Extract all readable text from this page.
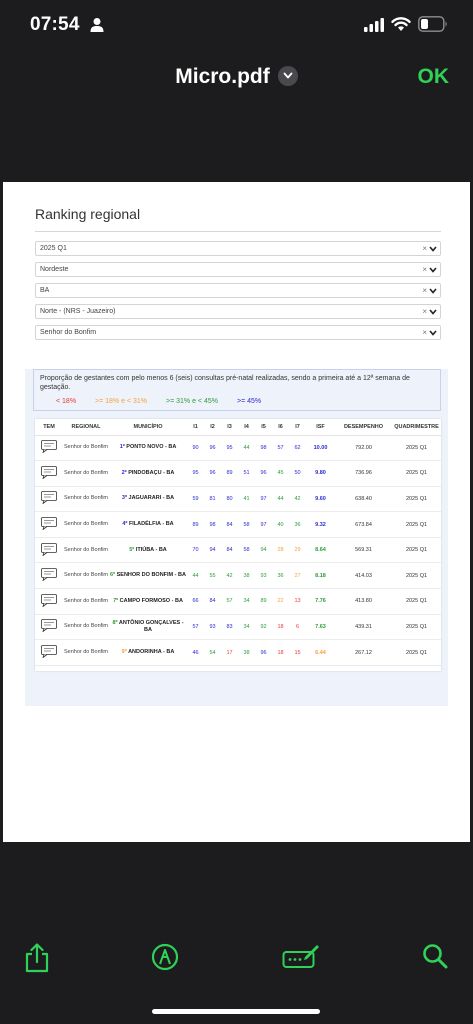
07:54
Micro.pdf	OK
Ranking regional
2025 Q1	×
Nordeste	×
BA	×
Norte - (NRS - Juazeiro)	×
Senhor do Bonfim	×
Proporção de gestantes com pelo menos 6 (seis) consultas pré-natal realizadas, sendo a primeira até a 12ª semana de gestação.
< 18%	>= 18% e < 31%	>= 31% e < 45%	>= 45%
TEM	REGIONAL	MUNICÍPIO	I1	I2	I3	I4	I5	I6	I7	ISF	DESEMPENHO	QUADRIMESTRE
	Senhor do Bonfim	1º PONTO NOVO - BA	90	96	95	44	98	57	62	10.00	792.00	2025 Q1
	Senhor do Bonfim	2º PINDOBAÇU - BA	95	96	89	51	96	45	50	9.80	736.96	2025 Q1
	Senhor do Bonfim	3º JAGUARARI - BA	59	81	80	41	97	44	42	9.60	638.40	2025 Q1
	Senhor do Bonfim	4º FILADÉLFIA - BA	89	98	84	58	97	40	36	9.32	673.84	2025 Q1
	Senhor do Bonfim	5º ITIÚBA - BA	70	94	84	58	94	28	29	8.64	569.31	2025 Q1
	Senhor do Bonfim	6º SENHOR DO BONFIM - BA	44	55	42	38	93	36	27	8.18	414.03	2025 Q1
	Senhor do Bonfim	7º CAMPO FORMOSO - BA	66	84	57	34	89	22	13	7.76	413.80	2025 Q1
	Senhor do Bonfim	8º ANTÔNIO GONÇALVES - BA	57	93	83	34	92	18	6	7.63	439.31	2025 Q1
	Senhor do Bonfim	9º ANDORINHA - BA	46	54	17	38	96	18	15	6.44	267.12	2025 Q1
